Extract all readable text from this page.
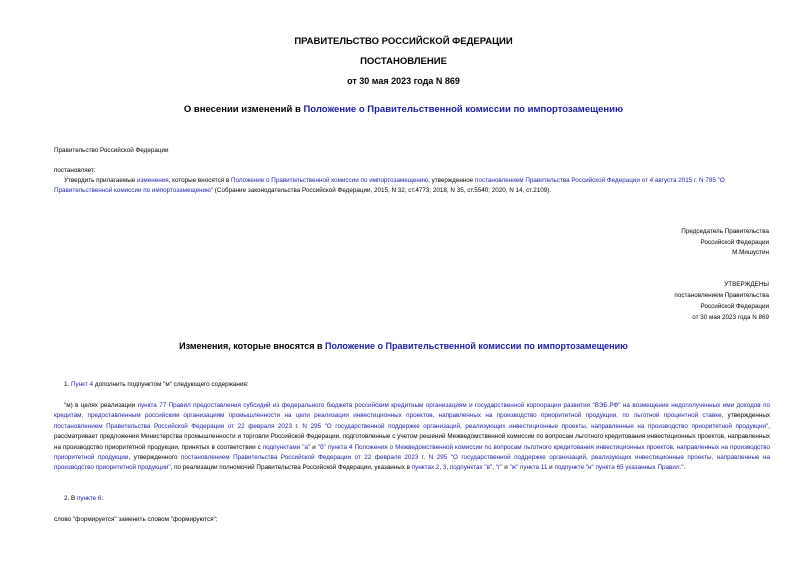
ПРАВИТЕЛЬСТВО РОССИЙСКОЙ ФЕДЕРАЦИИ
ПОСТАНОВЛЕНИЕ
от 30 мая 2023 года N 869
О внесении изменений в Положение о Правительственной комиссии по импортозамещению
Правительство Российской Федерации
постановляет:
Утвердить прилагаемые изменения, которые вносятся в Положение о Правительственной комиссии по импортозамещению, утвержденное постановлением Правительства Российской Федерации от 4 августа 2015 г. N 785 "О Правительственной комиссии по импортозамещению" (Собрание законодательства Российской Федерации, 2015, N 32, ст.4773; 2018, N 35, ст.5540; 2020, N 14, ст.2109).
Председатель Правительства
Российской Федерации
М.Мишустин
УТВЕРЖДЕНЫ
постановлением Правительства
Российской Федерации
от 30 мая 2023 года N 869
Изменения, которые вносятся в Положение о Правительственной комиссии по импортозамещению
1. Пункт 4 дополнить подпунктом "м" следующего содержания:
"м) в целях реализации пункта 77 Правил предоставления субсидий из федерального бюджета российским кредитным организациям и государственной корпорации развития "ВЭБ.РФ" на возмещение недополученных ими доходов по кредитам, предоставленным российским организациям промышленности на цели реализации инвестиционных проектов, направленных на производство приоритетной продукции, по льготной процентной ставке, утвержденных постановлением Правительства Российской Федерации от 22 февраля 2023 г. N 295 "О государственной поддержке организаций, реализующих инвестиционные проекты, направленные на производство приоритетной продукции", рассматривает предложения Министерства промышленности и торговли Российской Федерации, подготовленные с учетом решений Межведомственной комиссии по вопросам льготного кредитования инвестиционных проектов, направленных на производство приоритетной продукции, принятых в соответствии с подпунктами "а" и "б" пункта 4 Положения о Межведомственной комиссии по вопросам льготного кредитования инвестиционных проектов, направленных на производство приоритетной продукции, утвержденного постановлением Правительства Российской Федерации от 22 февраля 2023 г. N 295 "О государственной поддержке организаций, реализующих инвестиционные проекты, направленные на производство приоритетной продукции", по реализации полномочий Правительства Российской Федерации, указанных в пунктах 2, 3, подпунктах "в", "г" и "ж" пункта 11 и подпункте "н" пункта 65 указанных Правил.".
2. В пункте 6:
слово "формируется" заменить словом "формируются";
